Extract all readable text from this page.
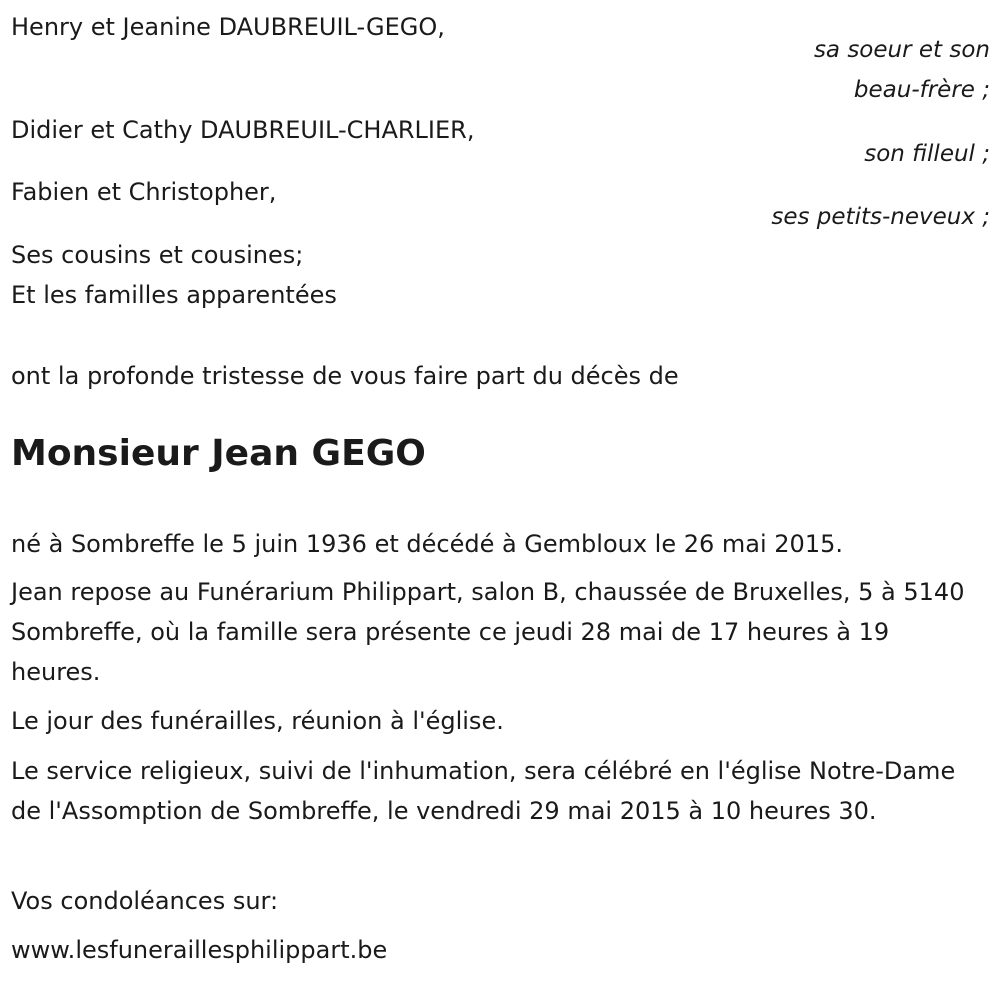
Henry et Jeanine DAUBREUIL-GEGO,
sa soeur et son
beau-frère ;
Didier et Cathy DAUBREUIL-CHARLIER,
son filleul ;
Fabien et Christopher,
ses petits-neveux ;
Ses cousins et cousines;
Et les familles apparentées
ont la profonde tristesse de vous faire part du décès de
Monsieur Jean GEGO
né à Sombreffe le 5 juin 1936 et décédé à Gembloux le 26 mai 2015.
Jean repose au Funérarium Philippart, salon B, chaussée de Bruxelles, 5 à 5140 Sombreffe, où la famille sera présente ce jeudi 28 mai de 17 heures à 19 heures.
Le jour des funérailles, réunion à l'église.
Le service religieux, suivi de l'inhumation, sera célébré en l'église Notre-Dame de l'Assomption de Sombreffe, le vendredi 29 mai 2015 à 10 heures 30.
Vos condoléances sur:
www.lesfuneraillesphilippart.be
